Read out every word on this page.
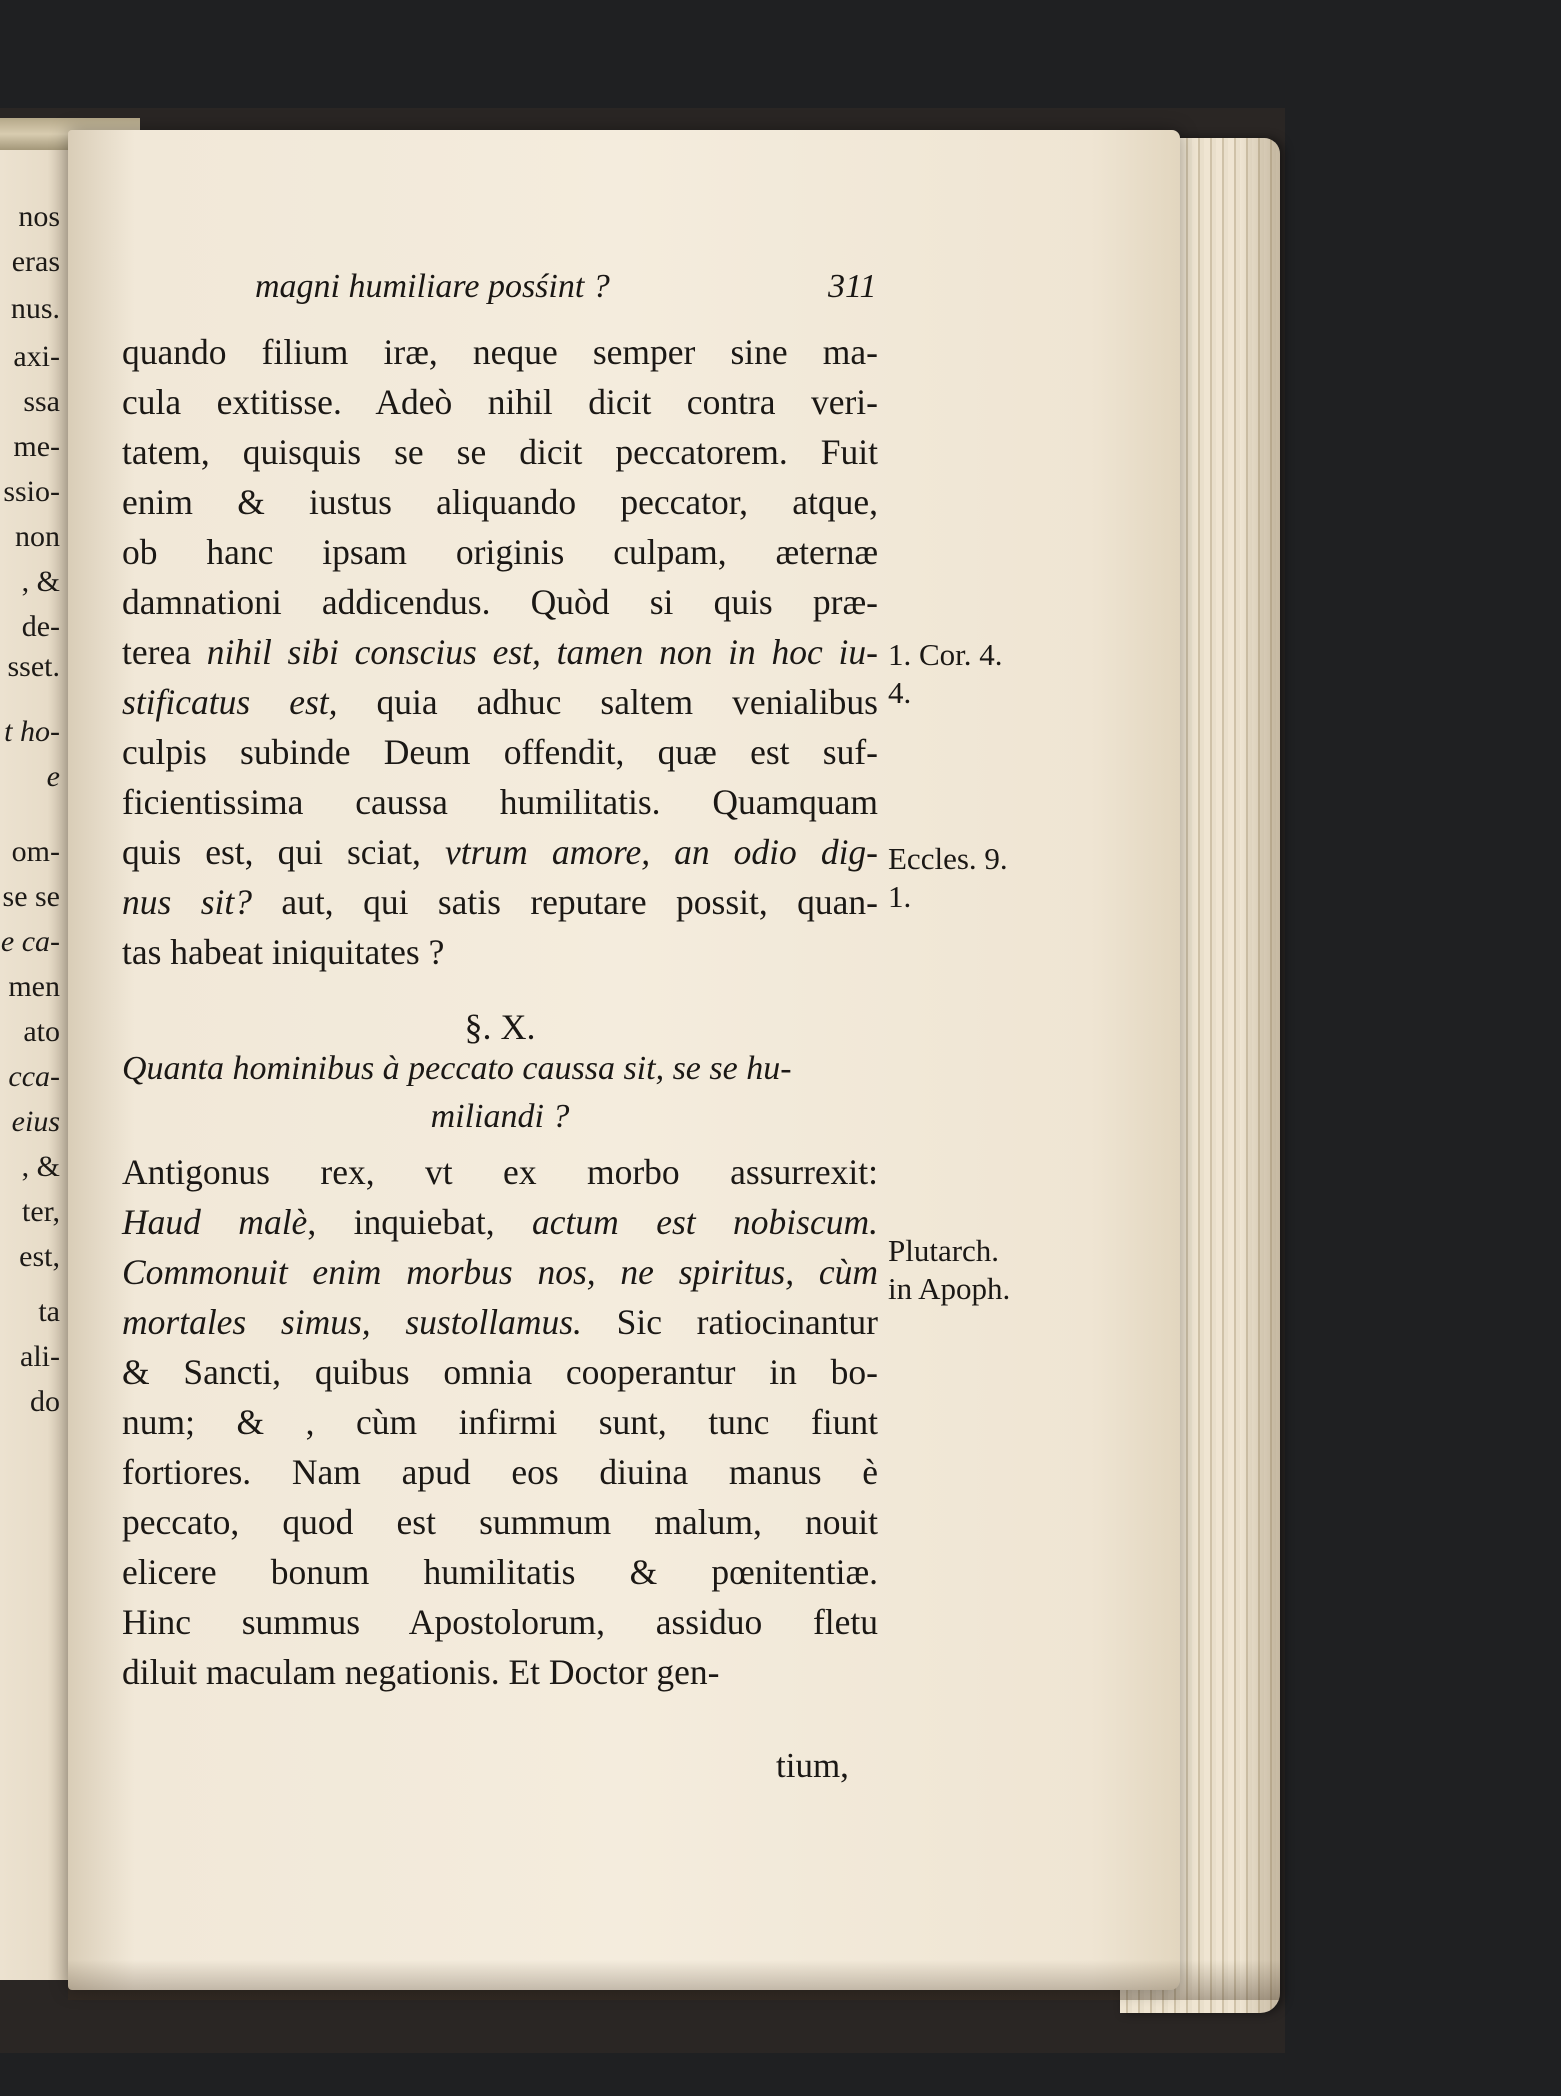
nos
eras
nus.
axi-
ssa
me-
ssio-
non
, &
de-
sset.
t ho-
e
om-
se se
e ca-
men
ato
cca-
eius
, &
ter,
est,
ta
ali-
do
magni humiliare posśint ?	311
quando filium iræ, neque semper sine ma-
cula extitisse. Adeò nihil dicit contra veri-
tatem, quisquis se se dicit peccatorem. Fuit
enim & iustus aliquando peccator, atque,
ob hanc ipsam originis culpam, æternæ
damnationi addicendus. Quòd si quis præ-
terea nihil sibi conscius est, tamen non in hoc iu-
stificatus est, quia adhuc saltem venialibus
culpis subinde Deum offendit, quæ est suf-
ficientissima caussa humilitatis. Quamquam
quis est, qui sciat, vtrum amore, an odio dig-
nus sit? aut, qui satis reputare possit, quan-
tas habeat iniquitates ?
§. X.
Quanta hominibus à peccato caussa sit, se se hu-
miliandi ?
Antigonus rex, vt ex morbo assurrexit:
Haud malè, inquiebat, actum est nobiscum.
Commonuit enim morbus nos, ne spiritus, cùm
mortales simus, sustollamus. Sic ratiocinantur
& Sancti, quibus omnia cooperantur in bo-
num; & , cùm infirmi sunt, tunc fiunt
fortiores. Nam apud eos diuina manus è
peccato, quod est summum malum, nouit
elicere bonum humilitatis & pœnitentiæ.
Hinc summus Apostolorum, assiduo fletu
diluit maculam negationis. Et Doctor gen-
1. Cor. 4.
4.
Eccles. 9.
1.
Plutarch.
in Apoph.
tium,
